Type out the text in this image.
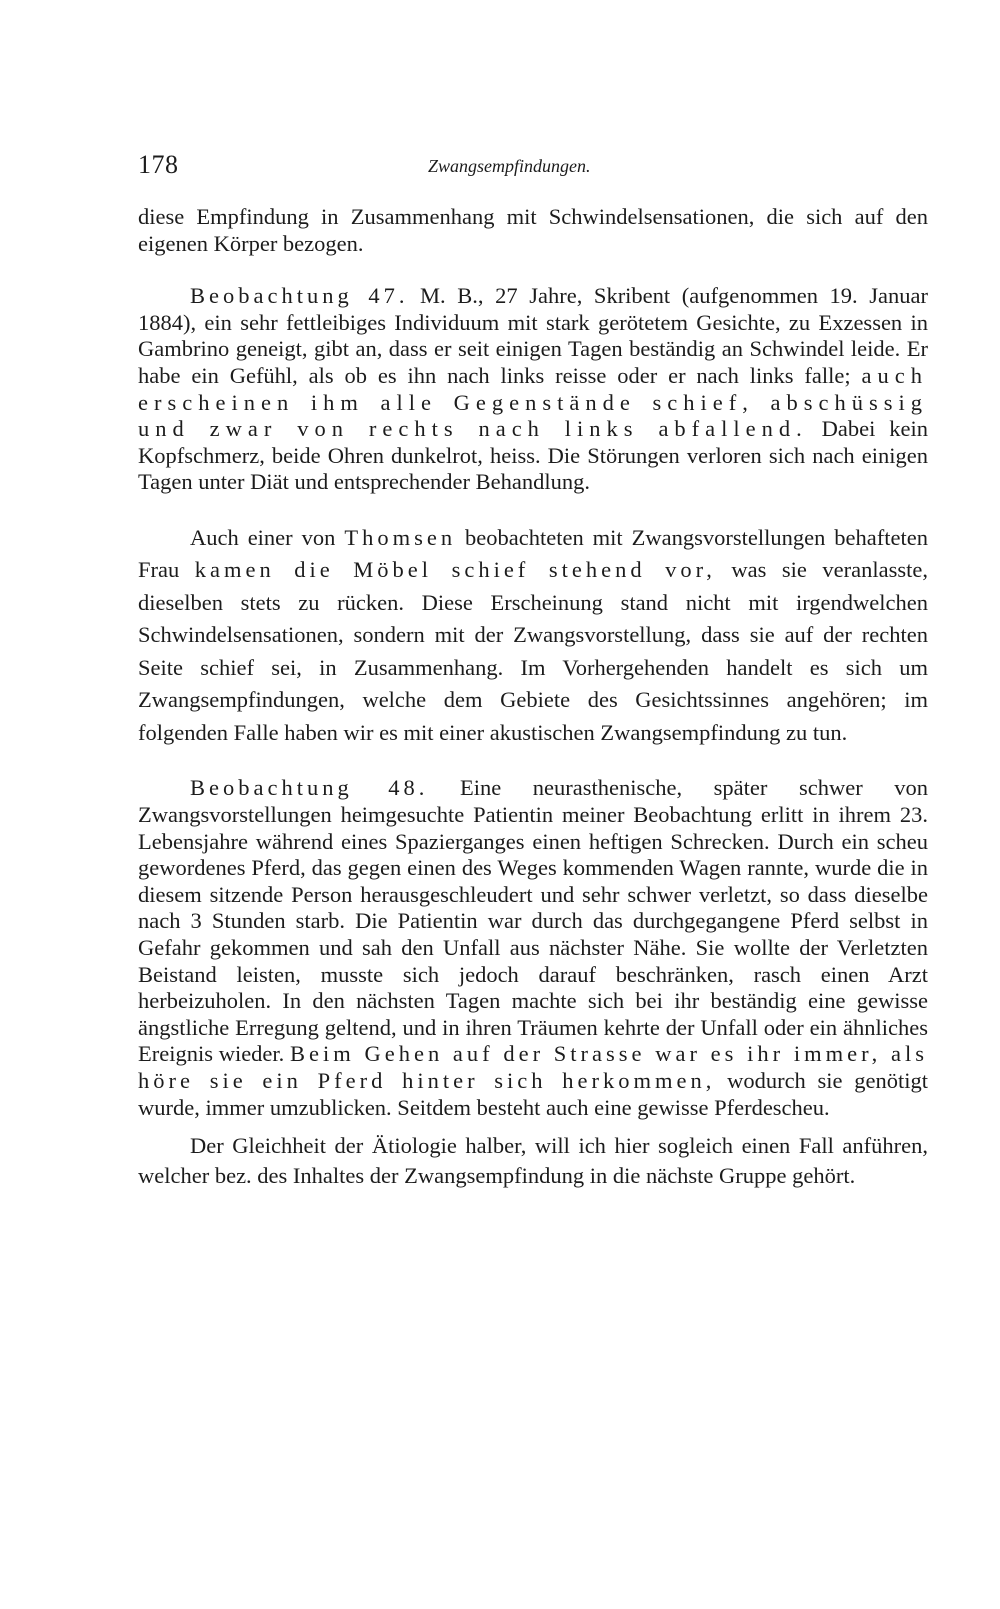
178	Zwangsempfindungen.

diese Empfindung in Zusammenhang mit Schwindelsensationen, die sich auf den eigenen Körper bezogen.

Beobachtung 47. M. B., 27 Jahre, Skribent (aufgenommen 19. Januar 1884), ein sehr fettleibiges Individuum mit stark gerötetem Gesichte, zu Exzessen in Gambrino geneigt, gibt an, dass er seit einigen Tagen beständig an Schwindel leide. Er habe ein Gefühl, als ob es ihn nach links reisse oder er nach links falle; auch erscheinen ihm alle Gegenstände schief, abschüssig und zwar von rechts nach links abfallend. Dabei kein Kopfschmerz, beide Ohren dunkelrot, heiss. Die Störungen verloren sich nach einigen Tagen unter Diät und entsprechender Behandlung.

Auch einer von Thomsen beobachteten mit Zwangsvorstellungen behafteten Frau kamen die Möbel schief stehend vor, was sie veranlasste, dieselben stets zu rücken. Diese Erscheinung stand nicht mit irgendwelchen Schwindelsensationen, sondern mit der Zwangsvorstellung, dass sie auf der rechten Seite schief sei, in Zusammenhang. Im Vorhergehenden handelt es sich um Zwangsempfindungen, welche dem Gebiete des Gesichtssinnes angehören; im folgenden Falle haben wir es mit einer akustischen Zwangsempfindung zu tun.

Beobachtung 48. Eine neurasthenische, später schwer von Zwangsvorstellungen heimgesuchte Patientin meiner Beobachtung erlitt in ihrem 23. Lebensjahre während eines Spazierganges einen heftigen Schrecken. Durch ein scheu gewordenes Pferd, das gegen einen des Weges kommenden Wagen rannte, wurde die in diesem sitzende Person herausgeschleudert und sehr schwer verletzt, so dass dieselbe nach 3 Stunden starb. Die Patientin war durch das durchgegangene Pferd selbst in Gefahr gekommen und sah den Unfall aus nächster Nähe. Sie wollte der Verletzten Beistand leisten, musste sich jedoch darauf beschränken, rasch einen Arzt herbeizuholen. In den nächsten Tagen machte sich bei ihr beständig eine gewisse ängstliche Erregung geltend, und in ihren Träumen kehrte der Unfall oder ein ähnliches Ereignis wieder. Beim Gehen auf der Strasse war es ihr immer, als höre sie ein Pferd hinter sich herkommen, wodurch sie genötigt wurde, immer umzublicken. Seitdem besteht auch eine gewisse Pferdescheu.

Der Gleichheit der Ätiologie halber, will ich hier sogleich einen Fall anführen, welcher bez. des Inhaltes der Zwangsempfindung in die nächste Gruppe gehört.
